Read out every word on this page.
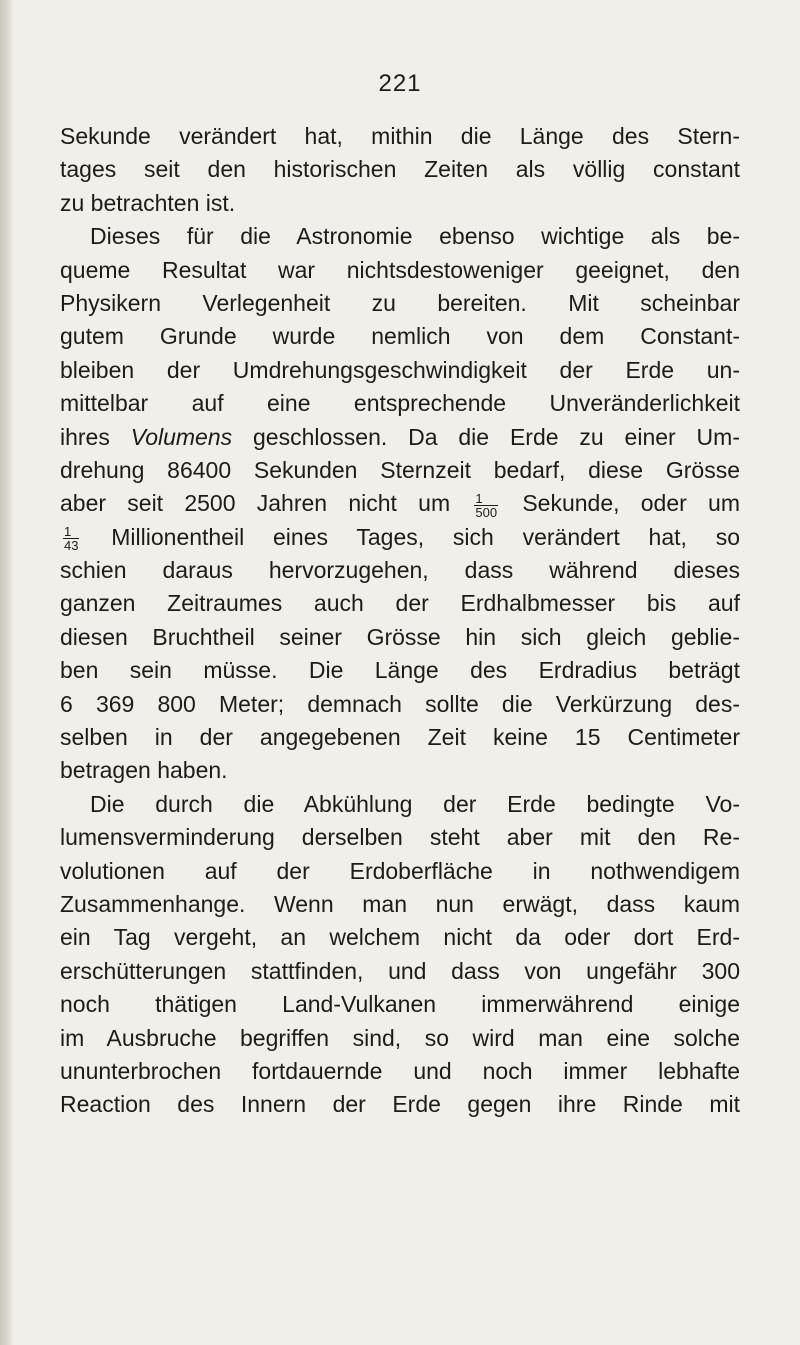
221
Sekunde verändert hat, mithin die Länge des Stern-
tages seit den historischen Zeiten als völlig constant
zu betrachten ist.
Dieses für die Astronomie ebenso wichtige als be-
queme Resultat war nichtsdestoweniger geeignet, den
Physikern Verlegenheit zu bereiten. Mit scheinbar
gutem Grunde wurde nemlich von dem Constant-
bleiben der Umdrehungsgeschwindigkeit der Erde un-
mittelbar auf eine entsprechende Unveränderlichkeit
ihres Volumens geschlossen. Da die Erde zu einer Um-
drehung 86400 Sekunden Sternzeit bedarf, diese Grösse
aber seit 2500 Jahren nicht um $\frac{1}{500}$ Sekunde, oder um
$\frac{1}{43}$ Millionentheil eines Tages, sich verändert hat, so
schien daraus hervorzugehen, dass während dieses
ganzen Zeitraumes auch der Erdhalbmesser bis auf
diesen Bruchtheil seiner Grösse hin sich gleich geblie-
ben sein müsse. Die Länge des Erdradius beträgt
6 369 800 Meter; demnach sollte die Verkürzung des-
selben in der angegebenen Zeit keine 15 Centimeter
betragen haben.
Die durch die Abkühlung der Erde bedingte Vo-
lumensverminderung derselben steht aber mit den Re-
volutionen auf der Erdoberfläche in nothwendigem
Zusammenhange. Wenn man nun erwägt, dass kaum
ein Tag vergeht, an welchem nicht da oder dort Erd-
erschütterungen stattfinden, und dass von ungefähr 300
noch thätigen Land-Vulkanen immerwährend einige
im Ausbruche begriffen sind, so wird man eine solche
ununterbrochen fortdauernde und noch immer lebhafte
Reaction des Innern der Erde gegen ihre Rinde mit
